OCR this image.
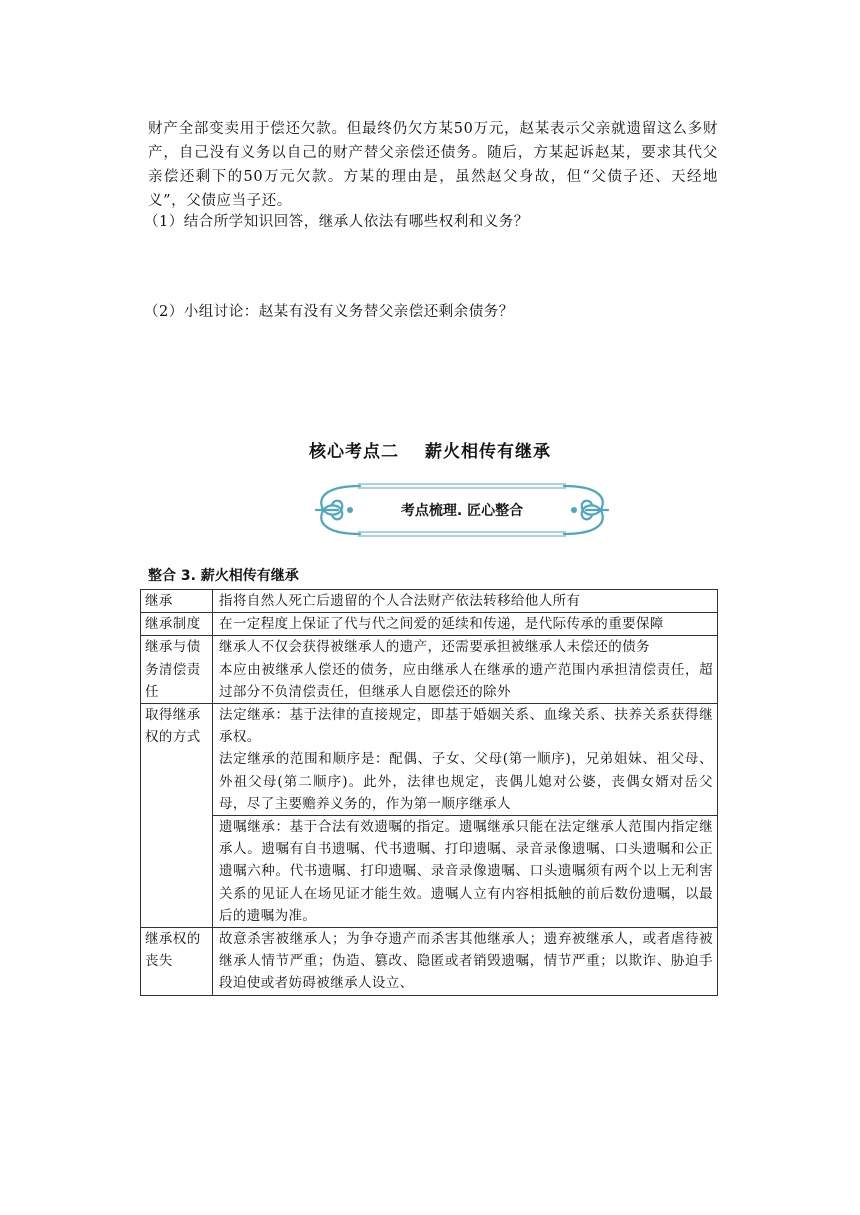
财产全部变卖用于偿还欠款。但最终仍欠方某50万元，赵某表示父亲就遗留这么多财产，自己没有义务以自己的财产替父亲偿还债务。随后，方某起诉赵某，要求其代父亲偿还剩下的50万元欠款。方某的理由是，虽然赵父身故，但“父债子还、天经地义”，父债应当子还。

（1）结合所学知识回答，继承人依法有哪些权利和义务？

（2）小组讨论：赵某有没有义务替父亲偿还剩余债务？

核心考点二 薪火相传有继承
考点梳理. 匠心整合
整合 3. 薪火相传有继承
继承	指将自然人死亡后遗留的个人合法财产依法转移给他人所有

继承制度	在一定程度上保证了代与代之间爱的延续和传递，是代际传承的重要保障

继承与债务清偿责任	继承人不仅会获得被继承人的遗产，还需要承担被继承人未偿还的债务
本应由被继承人偿还的债务，应由继承人在继承的遗产范围内承担清偿责任，超过部分不负清偿责任，但继承人自愿偿还的除外

取得继承权的方式	法定继承：基于法律的直接规定，即基于婚姻关系、血缘关系、扶养关系获得继承权。
法定继承的范围和顺序是：配偶、子女、父母(第一顺序)，兄弟姐妹、祖父母、外祖父母(第二顺序)。此外，法律也规定，丧偶儿媳对公婆，丧偶女婿对岳父母，尽了主要赡养义务的，作为第一顺序继承人

	遗嘱继承：基于合法有效遗嘱的指定。遗嘱继承只能在法定继承人范围内指定继承人。遗嘱有自书遗嘱、代书遗嘱、打印遗嘱、录音录像遗嘱、口头遗嘱和公正遗嘱六种。代书遗嘱、打印遗嘱、录音录像遗嘱、口头遗嘱须有两个以上无利害关系的见证人在场见证才能生效。遗嘱人立有内容相抵触的前后数份遗嘱，以最后的遗嘱为准。

继承权的丧失	故意杀害被继承人；为争夺遗产而杀害其他继承人；遗弃被继承人，或者虐待被继承人情节严重；伪造、篡改、隐匿或者销毁遗嘱，情节严重；以欺诈、胁迫手段迫使或者妨碍被继承人设立、
